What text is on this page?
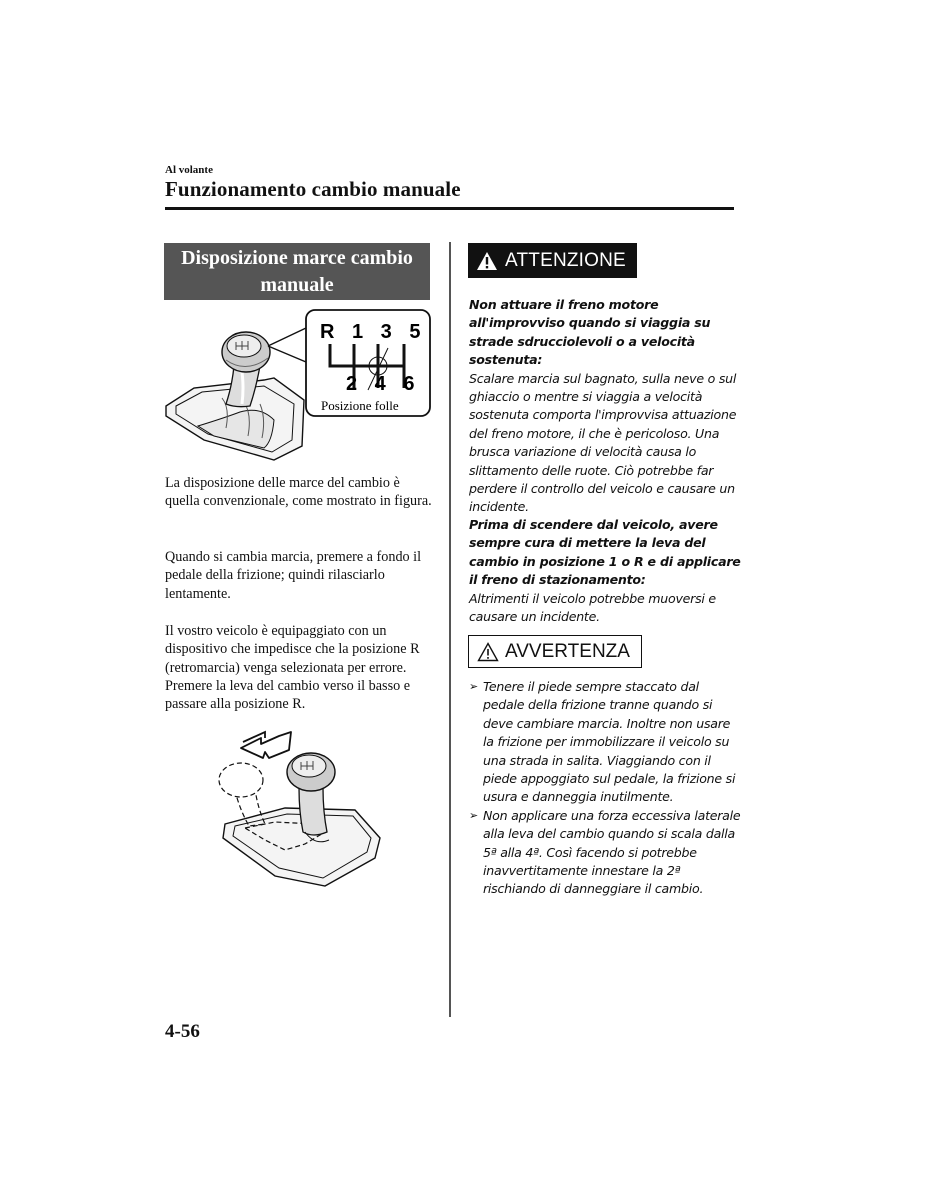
Al volante
Funzionamento cambio manuale
Disposizione marce cambio manuale
R 1 3 5
2 4 6
Posizione folle
La disposizione delle marce del cambio è quella convenzionale, come mostrato in figura.
Quando si cambia marcia, premere a fondo il pedale della frizione; quindi rilasciarlo lentamente.
Il vostro veicolo è equipaggiato con un dispositivo che impedisce che la posizione R (retromarcia) venga selezionata per errore. Premere la leva del cambio verso il basso e passare alla posizione R.
ATTENZIONE
Non attuare il freno motore all'improvviso quando si viaggia su strade sdrucciolevoli o a velocità sostenuta:
Scalare marcia sul bagnato, sulla neve o sul ghiaccio o mentre si viaggia a velocità sostenuta comporta l'improvvisa attuazione del freno motore, il che è pericoloso. Una brusca variazione di velocità causa lo slittamento delle ruote. Ciò potrebbe far perdere il controllo del veicolo e causare un incidente.
Prima di scendere dal veicolo, avere sempre cura di mettere la leva del cambio in posizione 1 o R e di applicare il freno di stazionamento:
Altrimenti il veicolo potrebbe muoversi e causare un incidente.
AVVERTENZA
➢ Tenere il piede sempre staccato dal pedale della frizione tranne quando si deve cambiare marcia. Inoltre non usare la frizione per immobilizzare il veicolo su una strada in salita. Viaggiando con il piede appoggiato sul pedale, la frizione si usura e danneggia inutilmente.
➢ Non applicare una forza eccessiva laterale alla leva del cambio quando si scala dalla 5ª alla 4ª. Così facendo si potrebbe inavvertitamente innestare la 2ª rischiando di danneggiare il cambio.
4-56
